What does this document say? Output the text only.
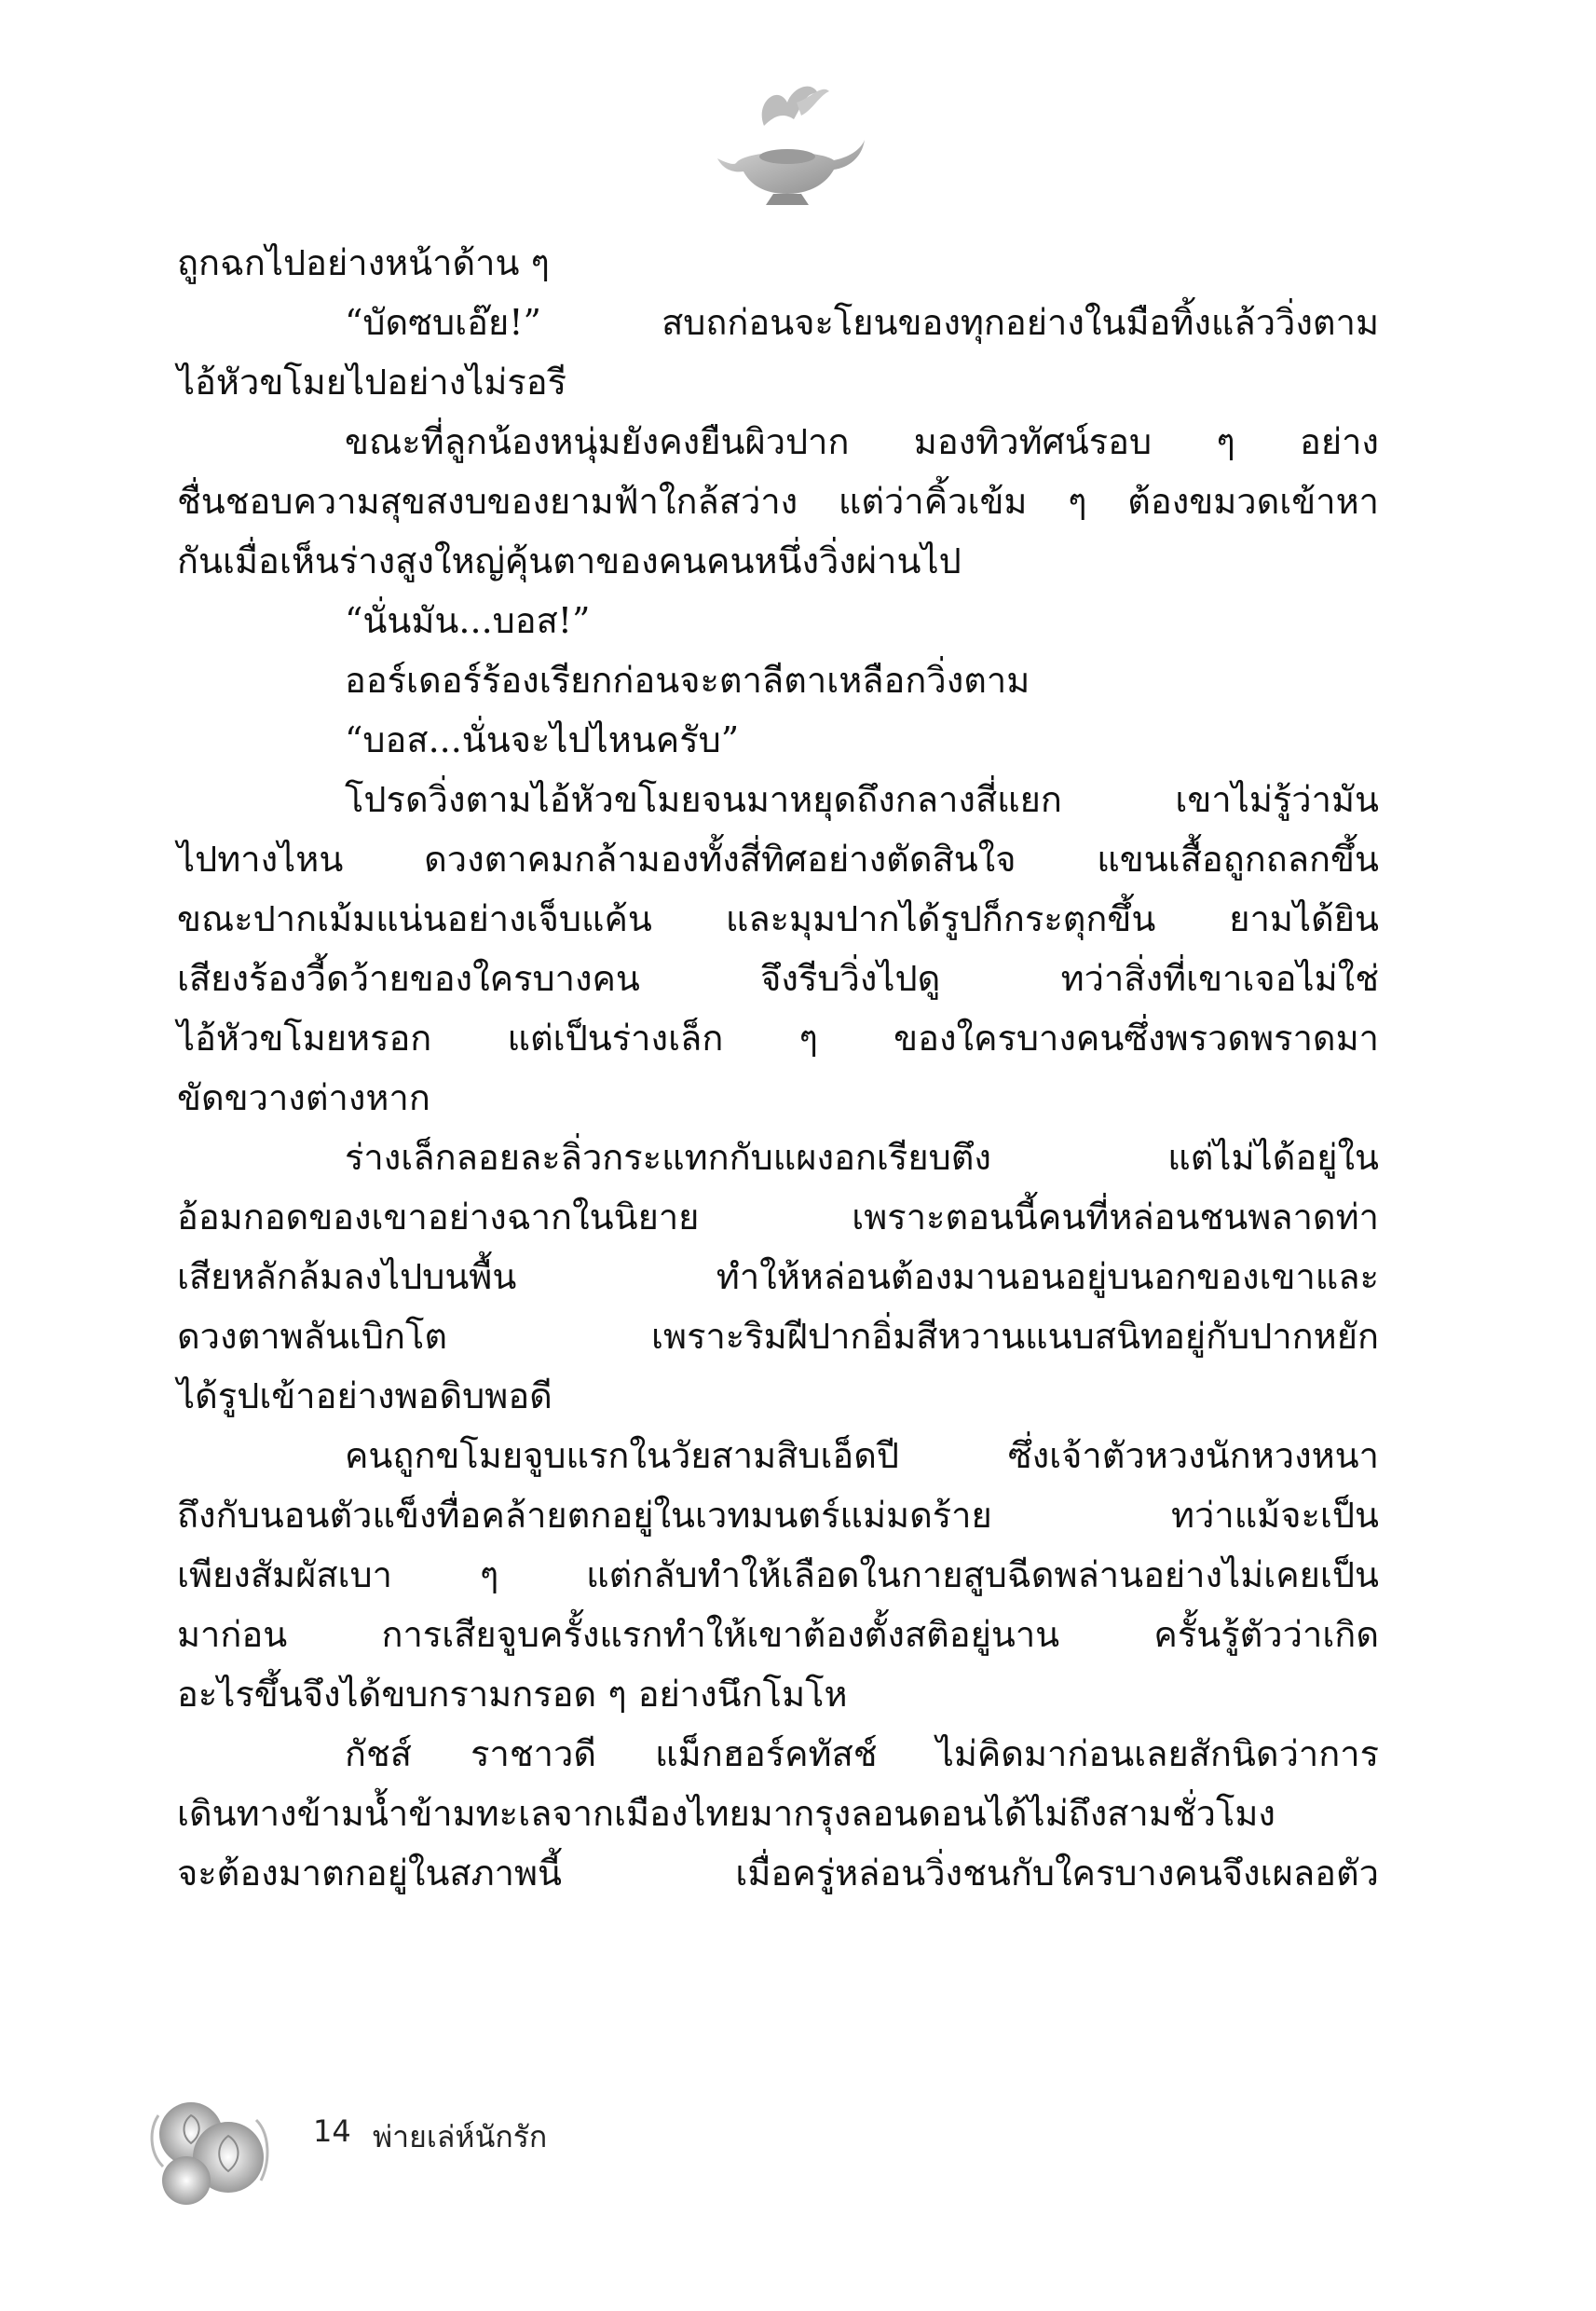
ถูกฉกไปอย่างหน้าด้าน ๆ
“บัดซบเอ๊ย!” สบถก่อนจะโยนของทุกอย่างในมือทิ้งแล้ววิ่งตาม
ไอ้หัวขโมยไปอย่างไม่รอรี
ขณะที่ลูกน้องหนุ่มยังคงยืนผิวปาก มองทิวทัศน์รอบ ๆ อย่าง
ชื่นชอบความสุขสงบของยามฟ้าใกล้สว่าง แต่ว่าคิ้วเข้ม ๆ ต้องขมวดเข้าหา
กันเมื่อเห็นร่างสูงใหญ่คุ้นตาของคนคนหนึ่งวิ่งผ่านไป
“นั่นมัน...บอส!”
ออร์เดอร์ร้องเรียกก่อนจะตาลีตาเหลือกวิ่งตาม
“บอส...นั่นจะไปไหนครับ”
โปรดวิ่งตามไอ้หัวขโมยจนมาหยุดถึงกลางสี่แยก เขาไม่รู้ว่ามัน
ไปทางไหน ดวงตาคมกล้ามองทั้งสี่ทิศอย่างตัดสินใจ แขนเสื้อถูกถลกขึ้น
ขณะปากเม้มแน่นอย่างเจ็บแค้น และมุมปากได้รูปก็กระตุกขึ้น ยามได้ยิน
เสียงร้องวี้ดว้ายของใครบางคน จึงรีบวิ่งไปดู ทว่าสิ่งที่เขาเจอไม่ใช่
ไอ้หัวขโมยหรอก แต่เป็นร่างเล็ก ๆ ของใครบางคนซึ่งพรวดพราดมา
ขัดขวางต่างหาก
ร่างเล็กลอยละลิ่วกระแทกกับแผงอกเรียบตึง แต่ไม่ได้อยู่ใน
อ้อมกอดของเขาอย่างฉากในนิยาย เพราะตอนนี้คนที่หล่อนชนพลาดท่า
เสียหลักล้มลงไปบนพื้น ทำให้หล่อนต้องมานอนอยู่บนอกของเขาและ
ดวงตาพลันเบิกโต เพราะริมฝีปากอิ่มสีหวานแนบสนิทอยู่กับปากหยัก
ได้รูปเข้าอย่างพอดิบพอดี
คนถูกขโมยจูบแรกในวัยสามสิบเอ็ดปี ซึ่งเจ้าตัวหวงนักหวงหนา
ถึงกับนอนตัวแข็งทื่อคล้ายตกอยู่ในเวทมนตร์แม่มดร้าย ทว่าแม้จะเป็น
เพียงสัมผัสเบา ๆ แต่กลับทำให้เลือดในกายสูบฉีดพล่านอย่างไม่เคยเป็น
มาก่อน การเสียจูบครั้งแรกทำให้เขาต้องตั้งสติอยู่นาน ครั้นรู้ตัวว่าเกิด
อะไรขึ้นจึงได้ขบกรามกรอด ๆ อย่างนึกโมโห
กัชส์ ราชาวดี แม็กฮอร์คทัสช์ ไม่คิดมาก่อนเลยสักนิดว่าการ
เดินทางข้ามน้ำข้ามทะเลจากเมืองไทยมากรุงลอนดอนได้ไม่ถึงสามชั่วโมง
จะต้องมาตกอยู่ในสภาพนี้ เมื่อครู่หล่อนวิ่งชนกับใครบางคนจึงเผลอตัว
14 พ่ายเล่ห์นักรัก
